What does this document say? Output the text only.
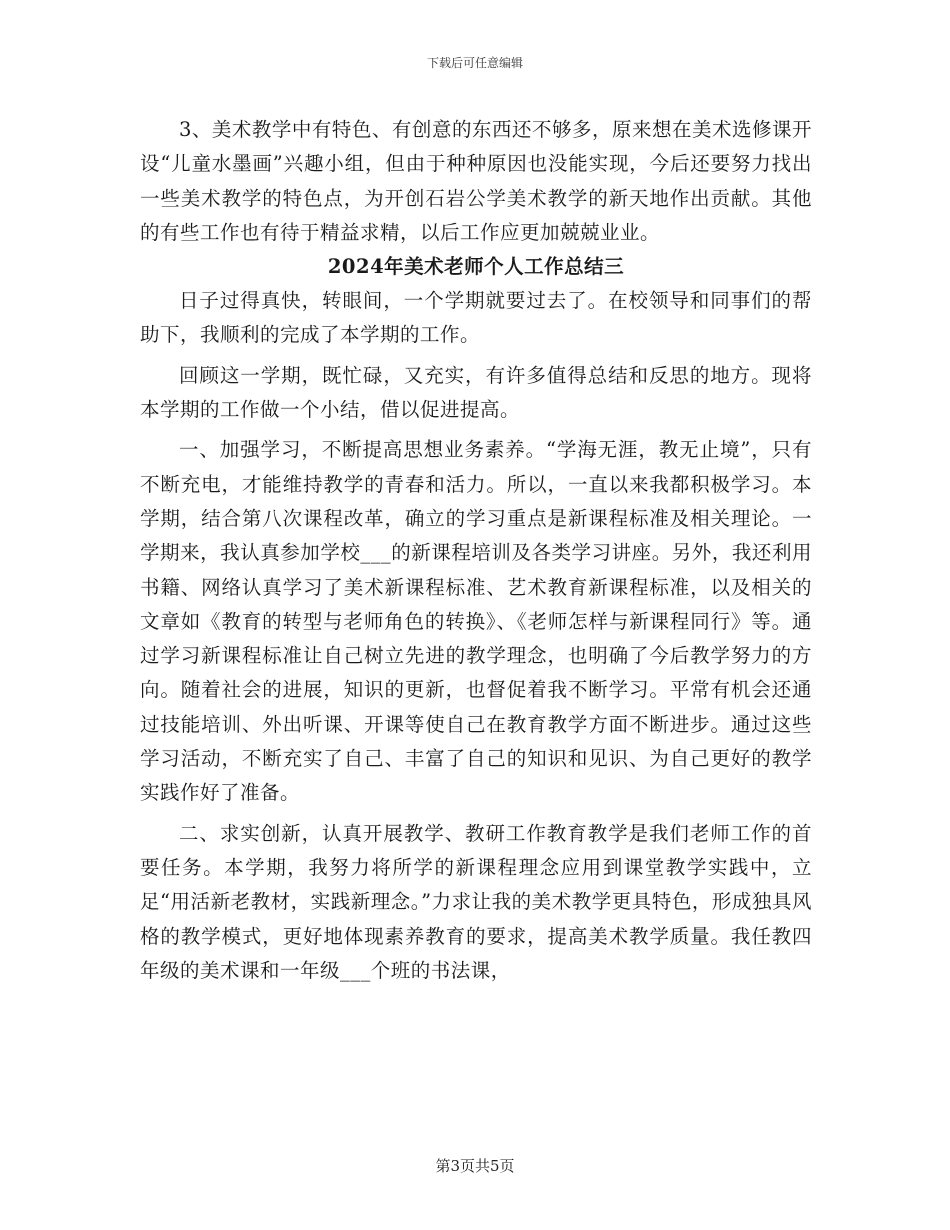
下载后可任意编辑

3、美术教学中有特色、有创意的东西还不够多，原来想在美术选修课开设“儿童水墨画”兴趣小组，但由于种种原因也没能实现，今后还要努力找出一些美术教学的特色点，为开创石岩公学美术教学的新天地作出贡献。其他的有些工作也有待于精益求精，以后工作应更加兢兢业业。

2024年美术老师个人工作总结三

日子过得真快，转眼间，一个学期就要过去了。在校领导和同事们的帮助下，我顺利的完成了本学期的工作。

回顾这一学期，既忙碌，又充实，有许多值得总结和反思的地方。现将本学期的工作做一个小结，借以促进提高。

一、加强学习，不断提高思想业务素养。“学海无涯，教无止境”，只有不断充电，才能维持教学的青春和活力。所以，一直以来我都积极学习。本学期，结合第八次课程改革，确立的学习重点是新课程标准及相关理论。一学期来，我认真参加学校___的新课程培训及各类学习讲座。另外，我还利用书籍、网络认真学习了美术新课程标准、艺术教育新课程标准，以及相关的文章如《教育的转型与老师角色的转换》、《老师怎样与新课程同行》等。通过学习新课程标准让自己树立先进的教学理念，也明确了今后教学努力的方向。随着社会的进展，知识的更新，也督促着我不断学习。平常有机会还通过技能培训、外出听课、开课等使自己在教育教学方面不断进步。通过这些学习活动，不断充实了自己、丰富了自己的知识和见识、为自己更好的教学实践作好了准备。

二、求实创新，认真开展教学、教研工作教育教学是我们老师工作的首要任务。本学期，我努力将所学的新课程理念应用到课堂教学实践中，立足“用活新老教材，实践新理念。”力求让我的美术教学更具特色，形成独具风格的教学模式，更好地体现素养教育的要求，提高美术教学质量。我任教四年级的美术课和一年级___个班的书法课，

第3页共5页
